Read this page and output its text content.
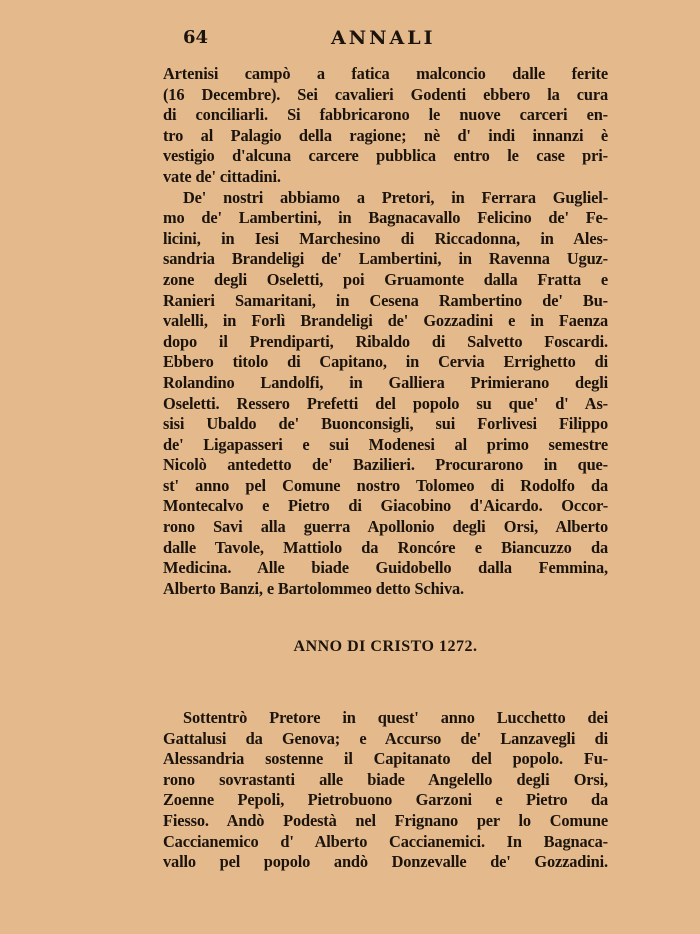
64	ANNALI
Artenisi campò a fatica malconcio dalle ferite
(16 Decembre). Sei cavalieri Godenti ebbero la cura
di conciliarli. Si fabbricarono le nuove carceri en-
tro al Palagio della ragione; nè d' indi innanzi è
vestigio d'alcuna carcere pubblica entro le case pri-
vate de' cittadini.
De' nostri abbiamo a Pretori, in Ferrara Gugliel-
mo de' Lambertini, in Bagnacavallo Felicino de' Fe-
licini, in Iesi Marchesino di Riccadonna, in Ales-
sandria Brandeligi de' Lambertini, in Ravenna Uguz-
zone degli Oseletti, poi Gruamonte dalla Fratta e
Ranieri Samaritani, in Cesena Rambertino de' Bu-
valelli, in Forlì Brandeligi de' Gozzadini e in Faenza
dopo il Prendiparti, Ribaldo di Salvetto Foscardi.
Ebbero titolo di Capitano, in Cervia Errighetto di
Rolandino Landolfi, in Galliera Primierano degli
Oseletti. Ressero Prefetti del popolo su que' d' As-
sisi Ubaldo de' Buonconsigli, sui Forlivesi Filippo
de' Ligapasseri e sui Modenesi al primo semestre
Nicolò antedetto de' Bazilieri. Procurarono in que-
st' anno pel Comune nostro Tolomeo di Rodolfo da
Montecalvo e Pietro di Giacobino d'Aicardo. Occor-
rono Savi alla guerra Apollonio degli Orsi, Alberto
dalle Tavole, Mattiolo da Roncóre e Biancuzzo da
Medicina. Alle biade Guidobello dalla Femmina,
Alberto Banzi, e Bartolommeo detto Schiva.
ANNO DI CRISTO 1272.
Sottentrò Pretore in quest' anno Lucchetto dei
Gattalusi da Genova; e Accurso de' Lanzavegli di
Alessandria sostenne il Capitanato del popolo. Fu-
rono sovrastanti alle biade Angelello degli Orsi,
Zoenne Pepoli, Pietrobuono Garzoni e Pietro da
Fiesso. Andò Podestà nel Frignano per lo Comune
Caccianemico d' Alberto Caccianemici. In Bagnaca-
vallo pel popolo andò Donzevalle de' Gozzadini.
